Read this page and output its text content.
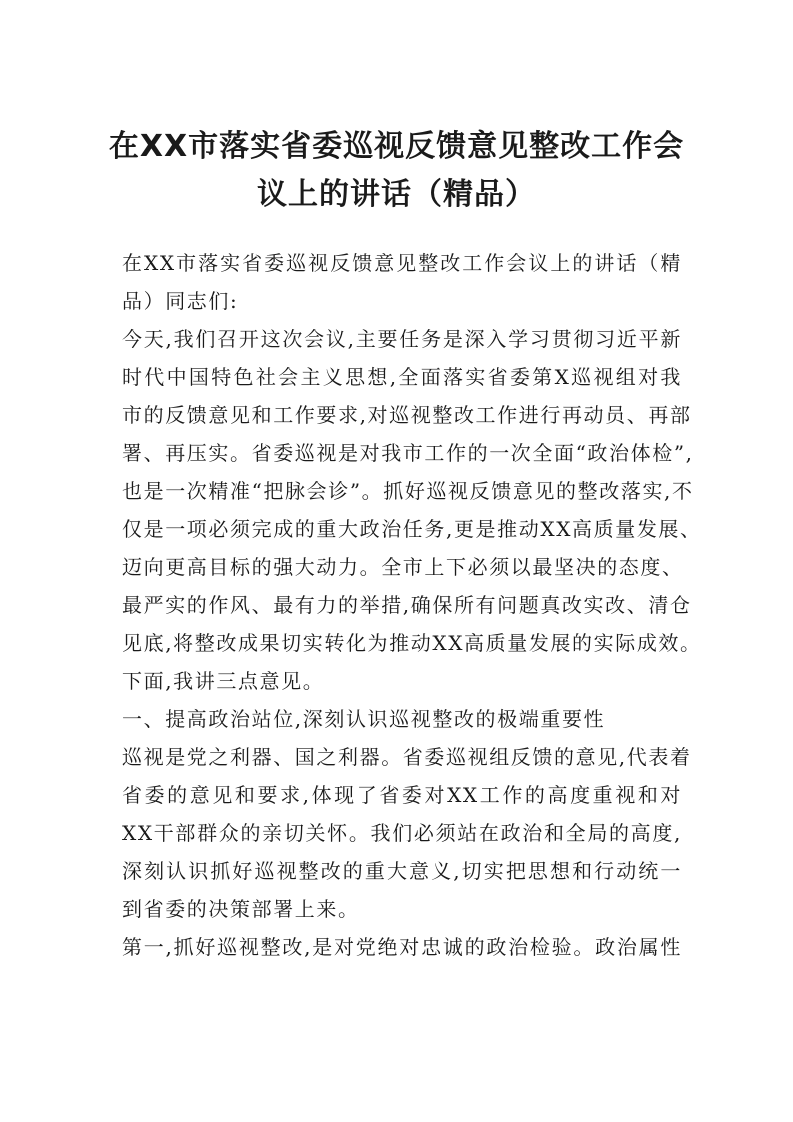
在XX市落实省委巡视反馈意见整改工作会
议上的讲话（精品）
在XX市落实省委巡视反馈意见整改工作会议上的讲话（精
品）同志们:
今天,我们召开这次会议,主要任务是深入学习贯彻习近平新
时代中国特色社会主义思想,全面落实省委第X巡视组对我
市的反馈意见和工作要求,对巡视整改工作进行再动员、再部
署、再压实。省委巡视是对我市工作的一次全面“政治体检”,
也是一次精准“把脉会诊”。抓好巡视反馈意见的整改落实,不
仅是一项必须完成的重大政治任务,更是推动XX高质量发展、
迈向更高目标的强大动力。全市上下必须以最坚决的态度、
最严实的作风、最有力的举措,确保所有问题真改实改、清仓
见底,将整改成果切实转化为推动XX高质量发展的实际成效。
下面,我讲三点意见。
一、提高政治站位,深刻认识巡视整改的极端重要性
巡视是党之利器、国之利器。省委巡视组反馈的意见,代表着
省委的意见和要求,体现了省委对XX工作的高度重视和对
XX干部群众的亲切关怀。我们必须站在政治和全局的高度,
深刻认识抓好巡视整改的重大意义,切实把思想和行动统一
到省委的决策部署上来。
第一,抓好巡视整改,是对党绝对忠诚的政治检验。政治属性
